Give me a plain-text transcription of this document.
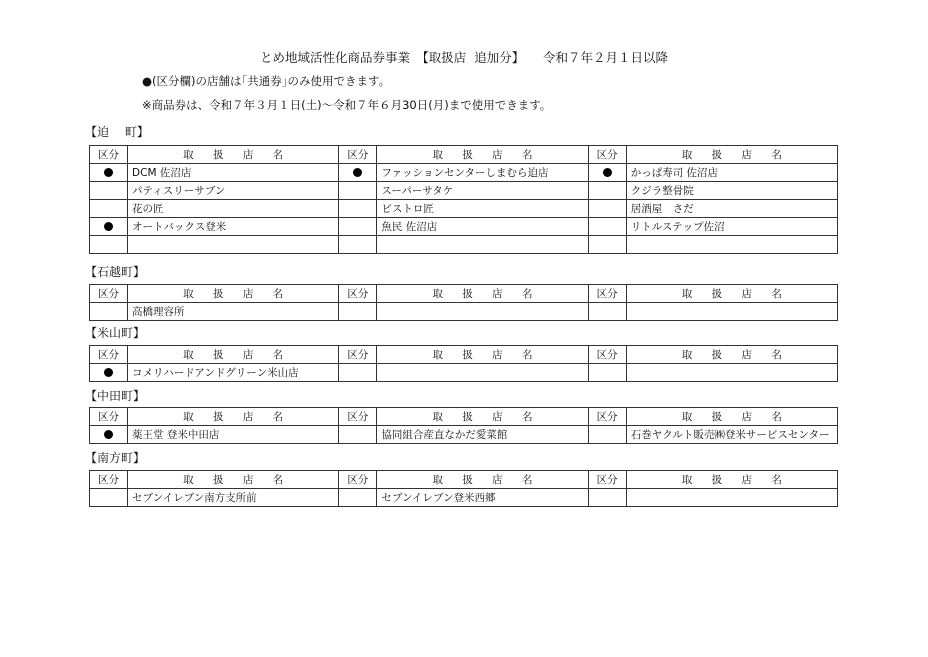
とめ地域活性化商品券事業　【取扱店  追加分】　　令和７年２月１日以降
●(区分欄)の店舗は｢共通券｣のみ使用できます。
※商品券は、令和７年３月１日(土)～令和７年６月30日(月)まで使用できます。
【迫　 町】
区分	取 扱 店 名	区分	取 扱 店 名	区分	取 扱 店 名
	DCM 佐沼店		ファッションセンターしまむら迫店		かっぱ寿司 佐沼店
	パティスリーサブン		スーパーサタケ		クジラ整骨院
	花の匠		ビストロ匠		居酒屋　さだ
	オートバックス登米		魚民 佐沼店		リトルステップ佐沼

【石越町】
区分	取 扱 店 名	区分	取 扱 店 名	区分	取 扱 店 名
	高橋理容所				
【米山町】
区分	取 扱 店 名	区分	取 扱 店 名	区分	取 扱 店 名
	コメリハードアンドグリーン米山店				
【中田町】
区分	取 扱 店 名	区分	取 扱 店 名	区分	取 扱 店 名
	薬王堂 登米中田店		協同組合産直なかだ愛菜館		石巻ヤクルト販売㈱登米サービスセンター
【南方町】
区分	取 扱 店 名	区分	取 扱 店 名	区分	取 扱 店 名
	セブンイレブン南方支所前		セブンイレブン登米西郷		
